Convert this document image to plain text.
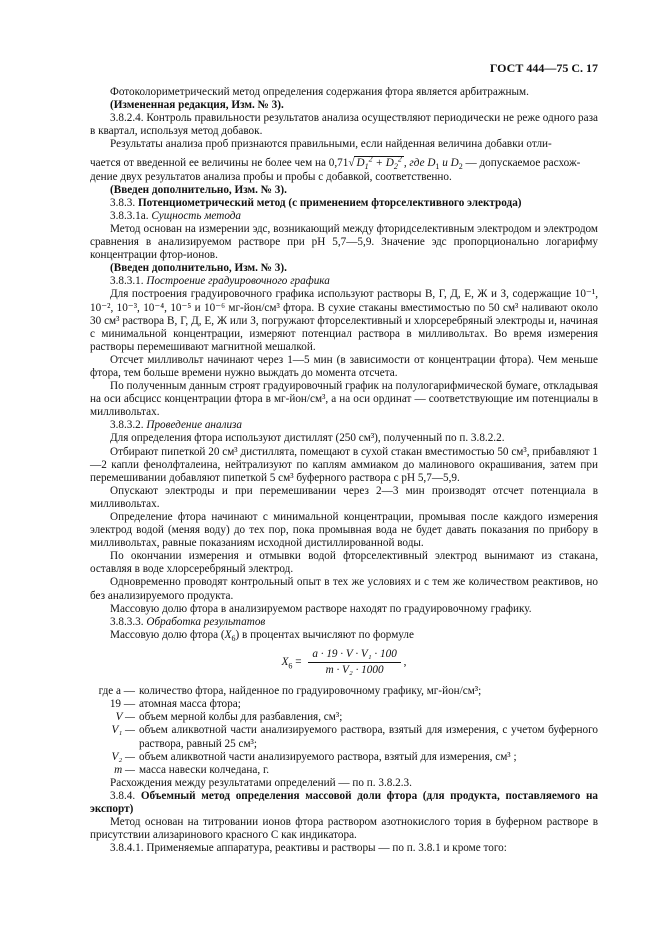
ГОСТ 444—75 С. 17

Фотоколориметрический метод определения содержания фтора является арбитражным.

(Измененная редакция, Изм. № 3).

3.8.2.4. Контроль правильности результатов анализа осуществляют периодически не реже одного раза в квартал, используя метод добавок.

Результаты анализа проб признаются правильными, если найденная величина добавки отли-

чается от введенной ее величины не более чем на 0,71√ $D_1^2 + D_2^2$ , где $D_1$ и $D_2$ — допускаемое расхож-

дение двух результатов анализа пробы и пробы с добавкой, соответственно.

(Введен дополнительно, Изм. № 3).

3.8.3. Потенциометрический метод (с применением фторселективного электрода)

3.8.3.1а. Сущность метода

Метод основан на измерении эдс, возникающий между фторидселективным электродом и электродом сравнения в анализируемом растворе при рН 5,7—5,9. Значение эдс пропорционально логарифму концентрации фтор-ионов.

(Введен дополнительно, Изм. № 3).

3.8.3.1. Построение градуировочного графика

Для построения градуировочного графика используют растворы В, Г, Д, Е, Ж и З, содержащие 10⁻¹, 10⁻², 10⁻³, 10⁻⁴, 10⁻⁵ и 10⁻⁶ мг-йон/см³ фтора. В сухие стаканы вместимостью по 50 см³ наливают около 30 см³ раствора В, Г, Д, Е, Ж или З, погружают фторселективный и хлорсеребряный электроды и, начиная с минимальной концентрации, измеряют потенциал раствора в милливольтах. Во время измерения растворы перемешивают магнитной мешалкой.

Отсчет милливольт начинают через 1—5 мин (в зависимости от концентрации фтора). Чем меньше фтора, тем больше времени нужно выждать до момента отсчета.

По полученным данным строят градуировочный график на полулогарифмической бумаге, откладывая на оси абсцисс концентрации фтора в мг-йон/см³, а на оси ординат — соответствующие им потенциалы в милливольтах.

3.8.3.2. Проведение анализа

Для определения фтора используют дистиллят (250 см³), полученный по п. 3.8.2.2.

Отбирают пипеткой 20 см³ дистиллята, помещают в сухой стакан вместимостью 50 см³, прибавляют 1—2 капли фенолфталеина, нейтрализуют по каплям аммиаком до малинового окрашивания, затем при перемешивании добавляют пипеткой 5 см³ буферного раствора с рН 5,7—5,9.

Опускают электроды и при перемешивании через 2—3 мин производят отсчет потенциала в милливольтах.

Определение фтора начинают с минимальной концентрации, промывая после каждого измерения электрод водой (меняя воду) до тех пор, пока промывная вода не будет давать показания по прибору в милливольтах, равные показаниям исходной дистиллированной воды.

По окончании измерения и отмывки водой фторселективный электрод вынимают из стакана, оставляя в воде хлорсеребряный электрод.

Одновременно проводят контрольный опыт в тех же условиях и с тем же количеством реактивов, но без анализируемого продукта.

Массовую долю фтора в анализируемом растворе находят по градуировочному графику.

3.8.3.3. Обработка результатов

Массовую долю фтора $(X_6)$ в процентах вычисляют по формуле

$X_6 = \frac{\text{a · 19 · V · V₁ · 100}}{\text{m · V₂ · 1000}}$ ,
где a — количество фтора, найденное по градуировочному графику, мг-йон/см³;
19 — атомная масса фтора;
V — объем мерной колбы для разбавления, см³;
V₁ — объем аликвотной части анализируемого раствора, взятый для измерения, с учетом буферного раствора, равный 25 см³;
V₂ — объем аликвотной части анализируемого раствора, взятый для измерения, см³ ;
m — масса навески колчедана, г.

Расхождения между результатами определений — по п. 3.8.2.3.

3.8.4. Объемный метод определения массовой доли фтора (для продукта, поставляемого на экспорт)

Метод основан на титровании ионов фтора раствором азотнокислого тория в буферном растворе в присутствии ализаринового красного С как индикатора.

3.8.4.1. Применяемые аппаратура, реактивы и растворы — по п. 3.8.1 и кроме того:
